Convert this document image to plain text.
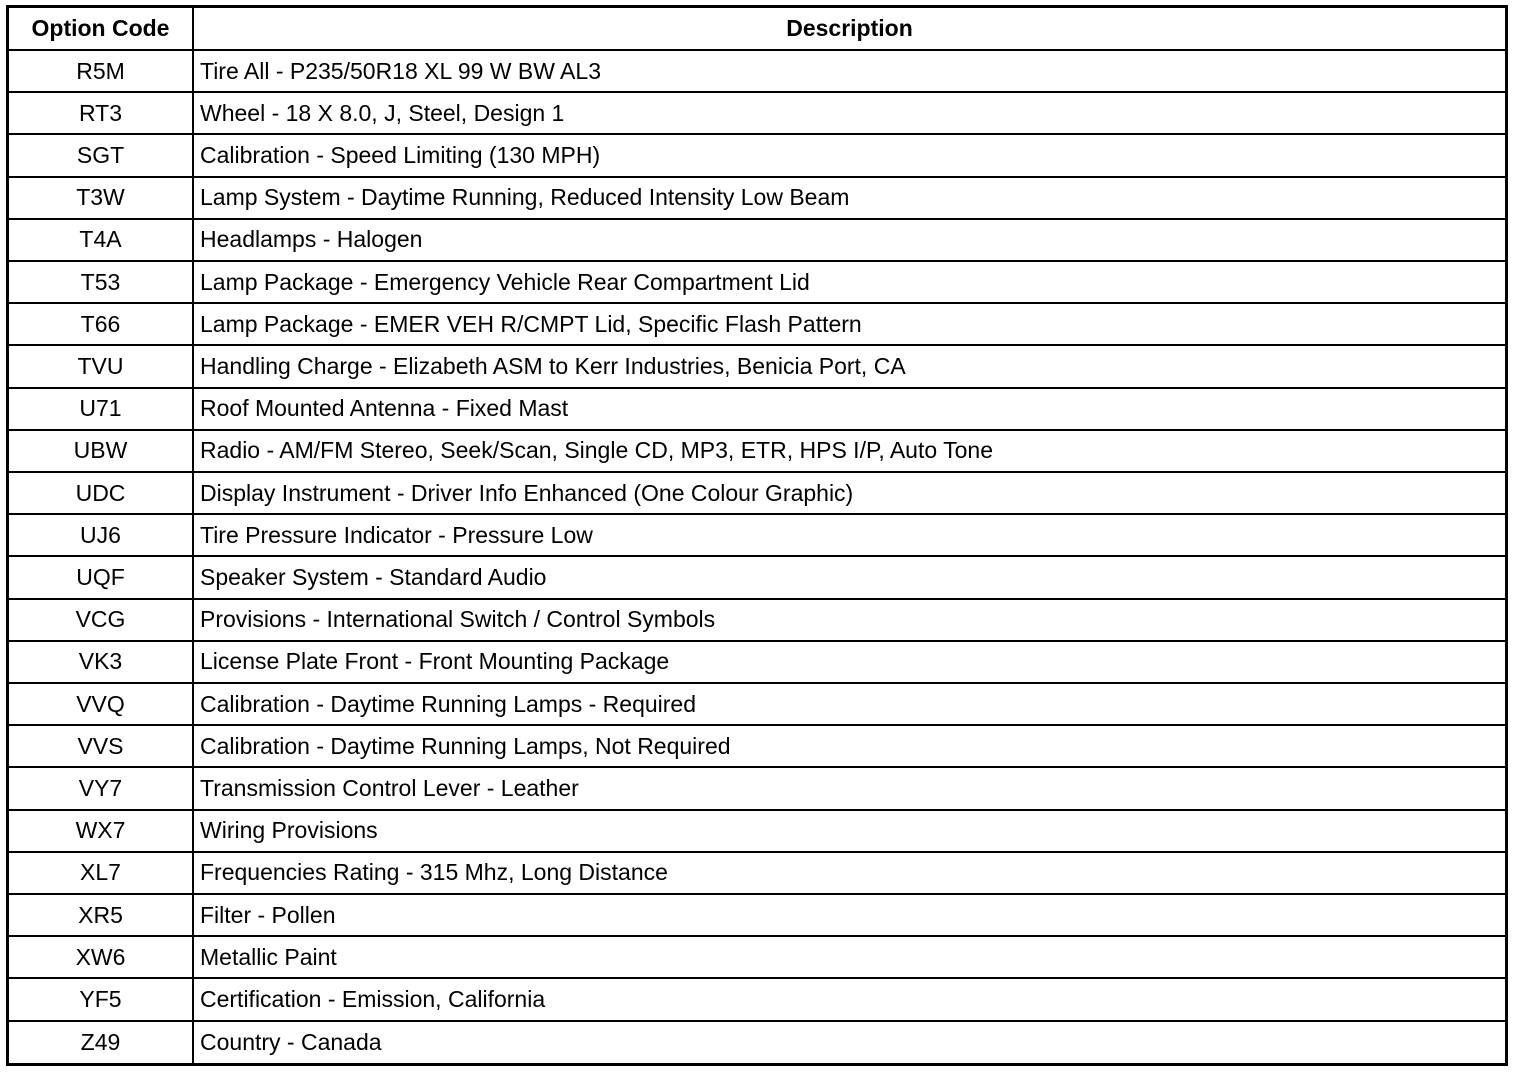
Option Code	Description
R5M	Tire All - P235/50R18 XL 99 W BW AL3
RT3	Wheel - 18 X 8.0, J, Steel, Design 1
SGT	Calibration - Speed Limiting (130 MPH)
T3W	Lamp System - Daytime Running, Reduced Intensity Low Beam
T4A	Headlamps - Halogen
T53	Lamp Package - Emergency Vehicle Rear Compartment Lid
T66	Lamp Package - EMER VEH R/CMPT Lid, Specific Flash Pattern
TVU	Handling Charge - Elizabeth ASM to Kerr Industries, Benicia Port, CA
U71	Roof Mounted Antenna - Fixed Mast
UBW	Radio - AM/FM Stereo, Seek/Scan, Single CD, MP3, ETR, HPS I/P, Auto Tone
UDC	Display Instrument - Driver Info Enhanced (One Colour Graphic)
UJ6	Tire Pressure Indicator - Pressure Low
UQF	Speaker System - Standard Audio
VCG	Provisions - International Switch / Control Symbols
VK3	License Plate Front - Front Mounting Package
VVQ	Calibration - Daytime Running Lamps - Required
VVS	Calibration - Daytime Running Lamps, Not Required
VY7	Transmission Control Lever - Leather
WX7	Wiring Provisions
XL7	Frequencies Rating - 315 Mhz, Long Distance
XR5	Filter - Pollen
XW6	Metallic Paint
YF5	Certification - Emission, California
Z49	Country - Canada
